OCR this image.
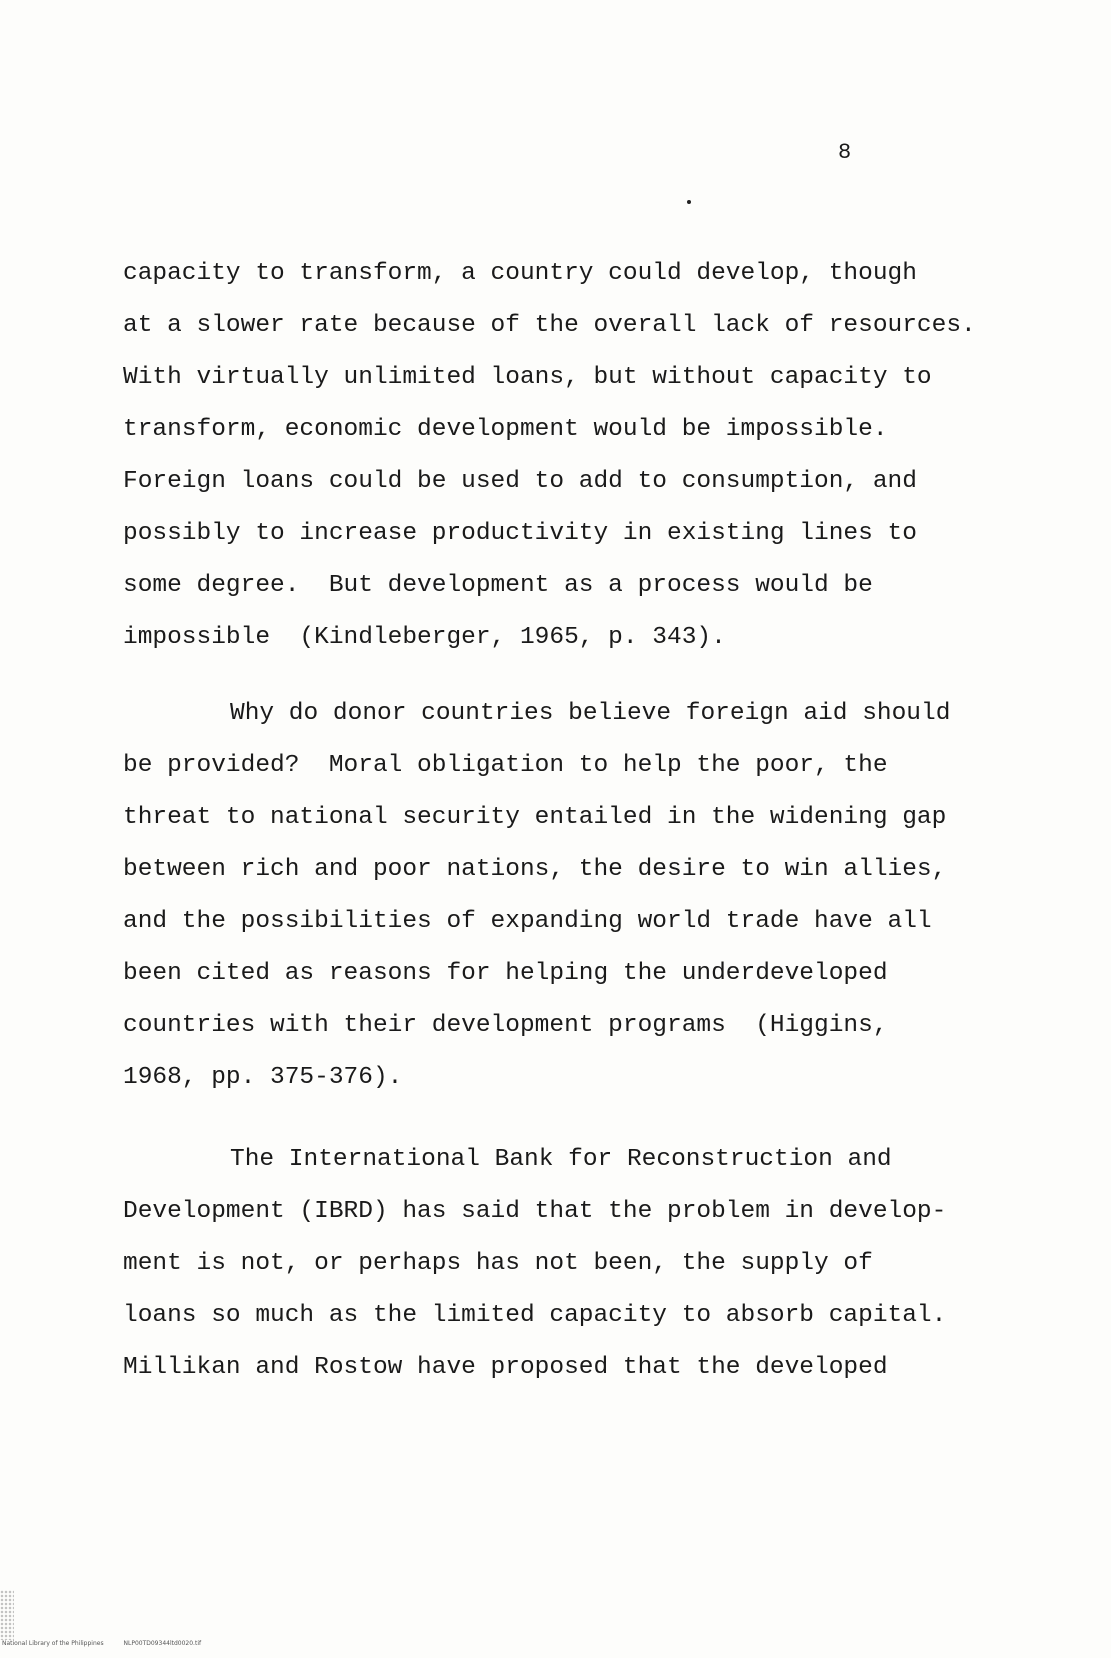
8
capacity to transform, a country could develop, though
at a slower rate because of the overall lack of resources.
With virtually unlimited loans, but without capacity to
transform, economic development would be impossible.
Foreign loans could be used to add to consumption, and
possibly to increase productivity in existing lines to
some degree.  But development as a process would be
impossible  (Kindleberger, 1965, p. 343).
Why do donor countries believe foreign aid should
be provided?  Moral obligation to help the poor, the
threat to national security entailed in the widening gap
between rich and poor nations, the desire to win allies,
and the possibilities of expanding world trade have all
been cited as reasons for helping the underdeveloped
countries with their development programs  (Higgins,
1968, pp. 375-376).
The International Bank for Reconstruction and
Development (IBRD) has said that the problem in develop-
ment is not, or perhaps has not been, the supply of
loans so much as the limited capacity to absorb capital.
Millikan and Rostow have proposed that the developed
National Library of the Philippines	NLP00TD09344ltd0020.tif
